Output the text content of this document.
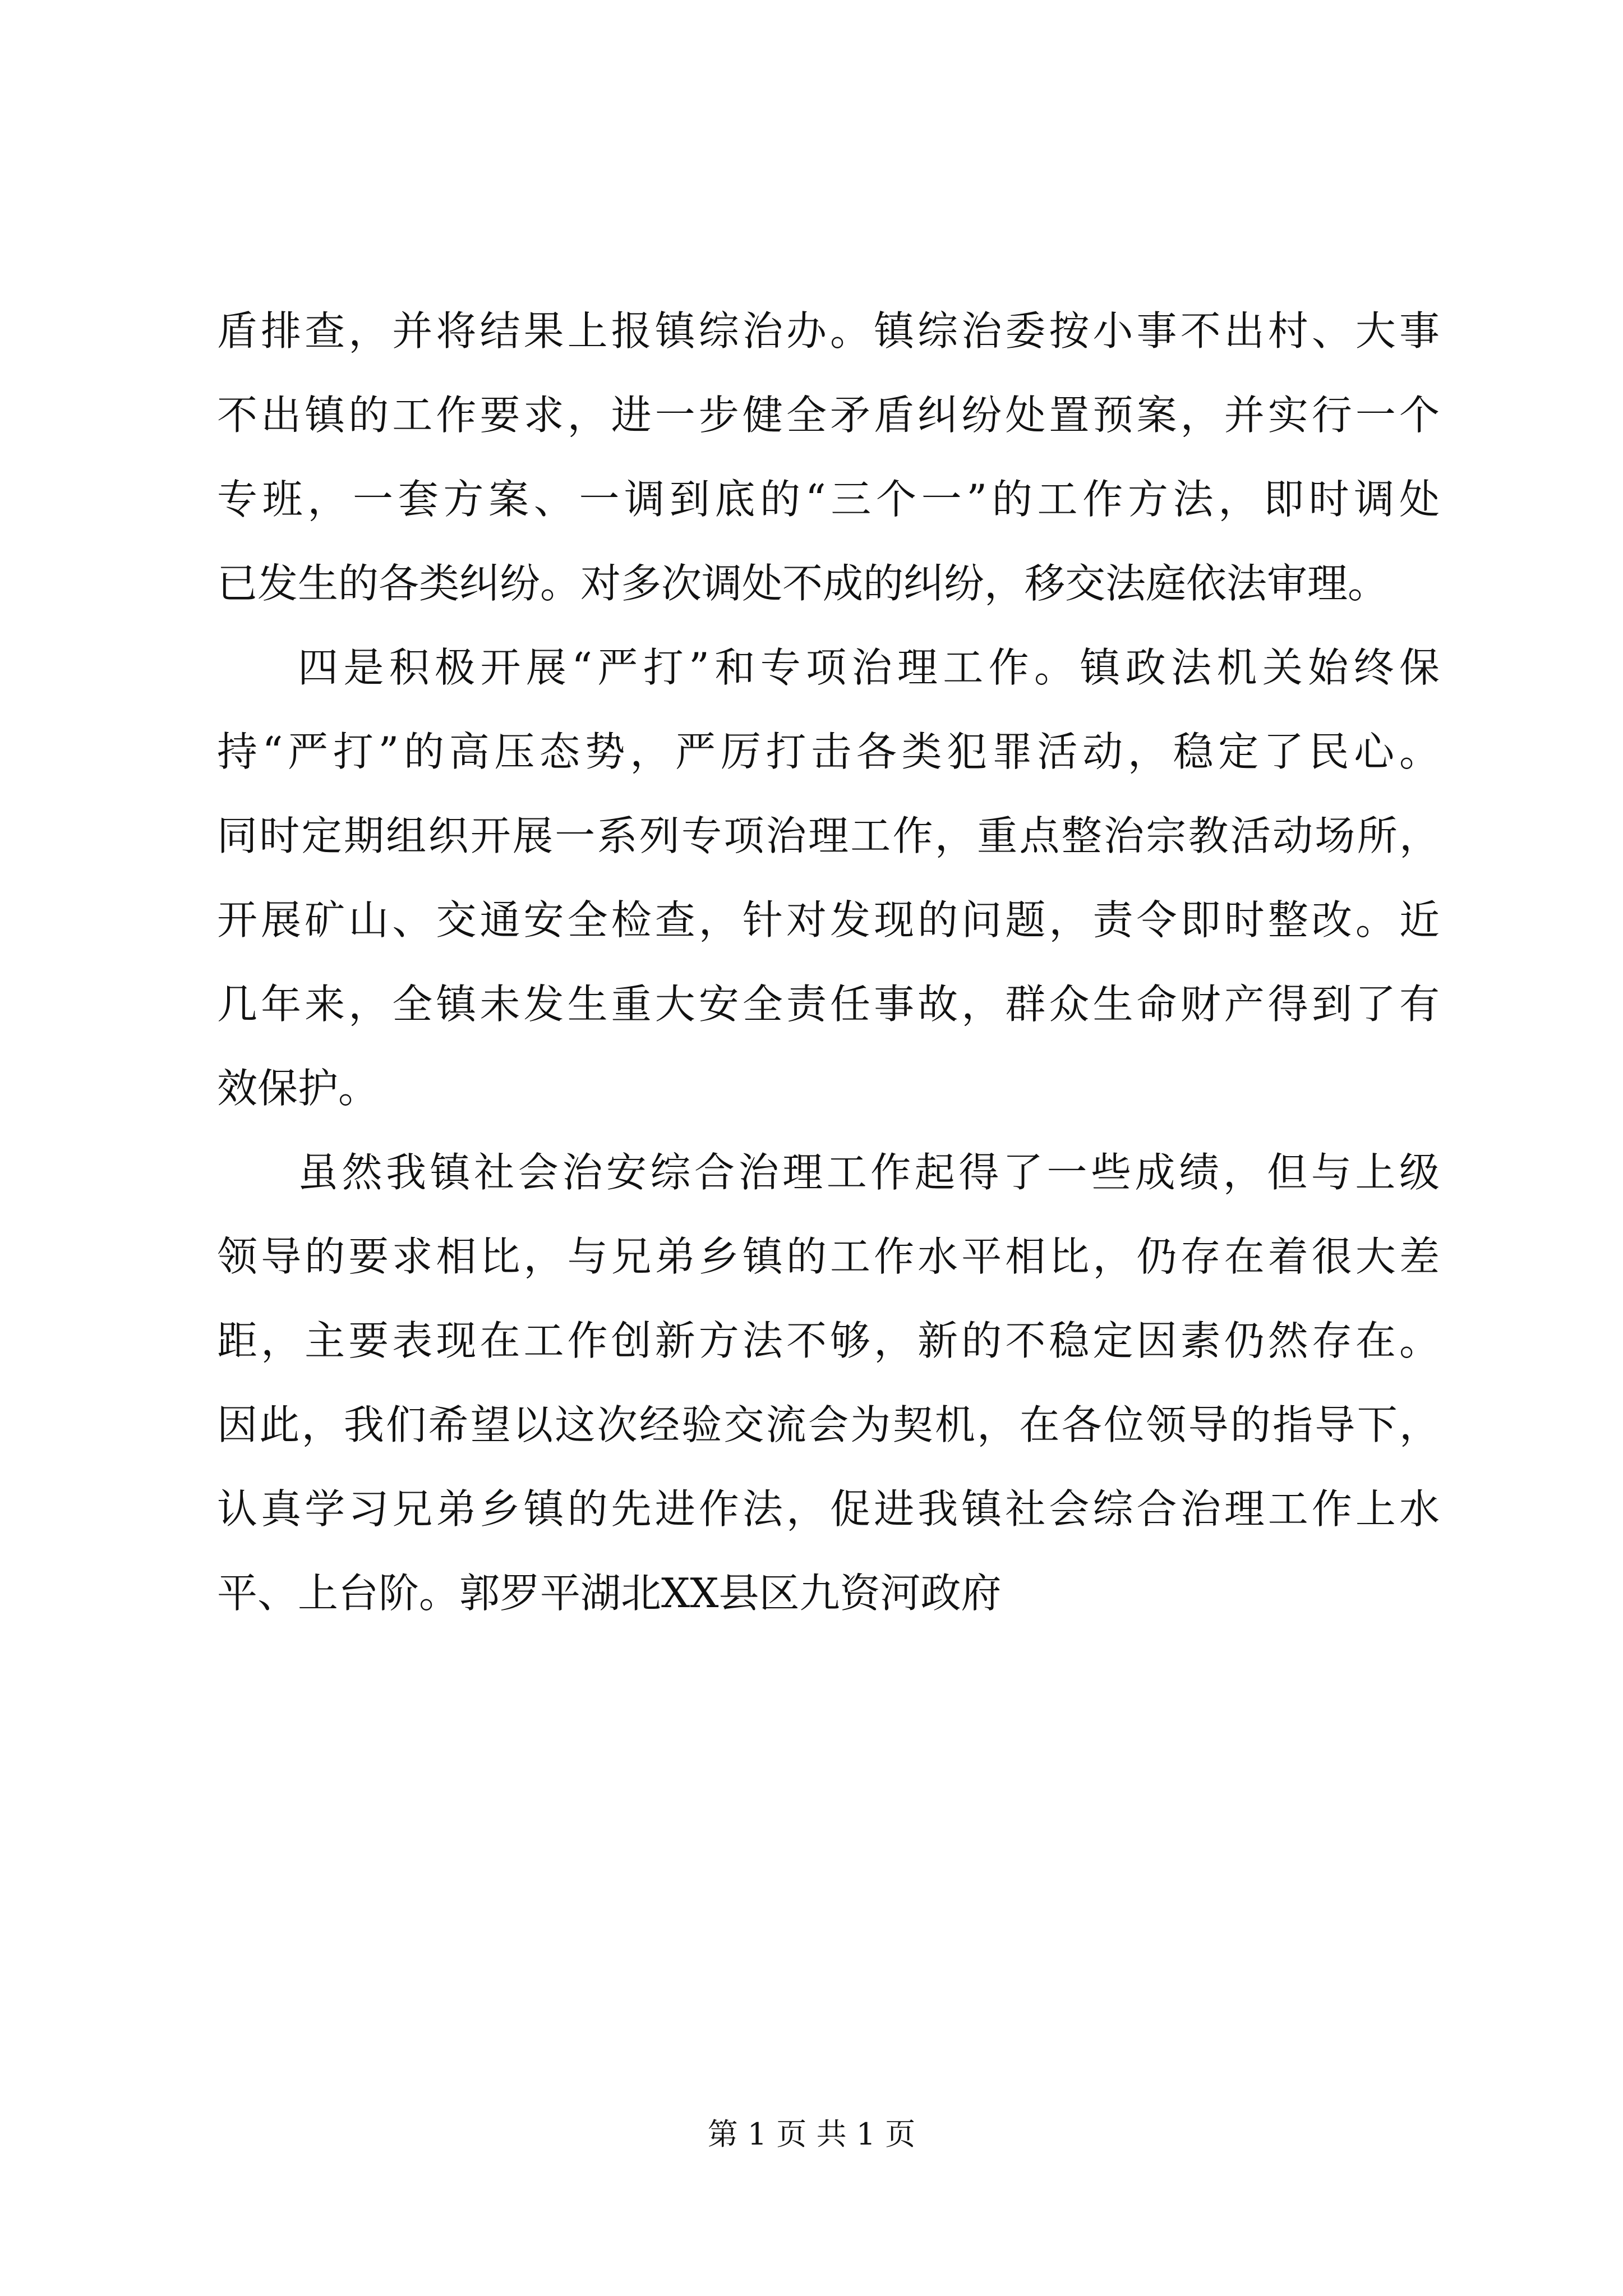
盾排查，并将结果上报镇综治办。镇综治委按小事不出村、大事
不出镇的工作要求，进一步健全矛盾纠纷处置预案，并实行一个
专班，一套方案、一调到底的“三个一”的工作方法，即时调处
已发生的各类纠纷。对多次调处不成的纠纷，移交法庭依法审理。
四是积极开展“严打”和专项治理工作。镇政法机关始终保
持“严打”的高压态势，严厉打击各类犯罪活动，稳定了民心。
同时定期组织开展一系列专项治理工作，重点整治宗教活动场所，
开展矿山、交通安全检查，针对发现的问题，责令即时整改。近
几年来，全镇未发生重大安全责任事故，群众生命财产得到了有
效保护。
虽然我镇社会治安综合治理工作起得了一些成绩，但与上级
领导的要求相比，与兄弟乡镇的工作水平相比，仍存在着很大差
距，主要表现在工作创新方法不够，新的不稳定因素仍然存在。
因此，我们希望以这次经验交流会为契机，在各位领导的指导下，
认真学习兄弟乡镇的先进作法，促进我镇社会综合治理工作上水
平、上台阶。郭罗平湖北XX县区九资河政府
第 1 页 共 1 页
